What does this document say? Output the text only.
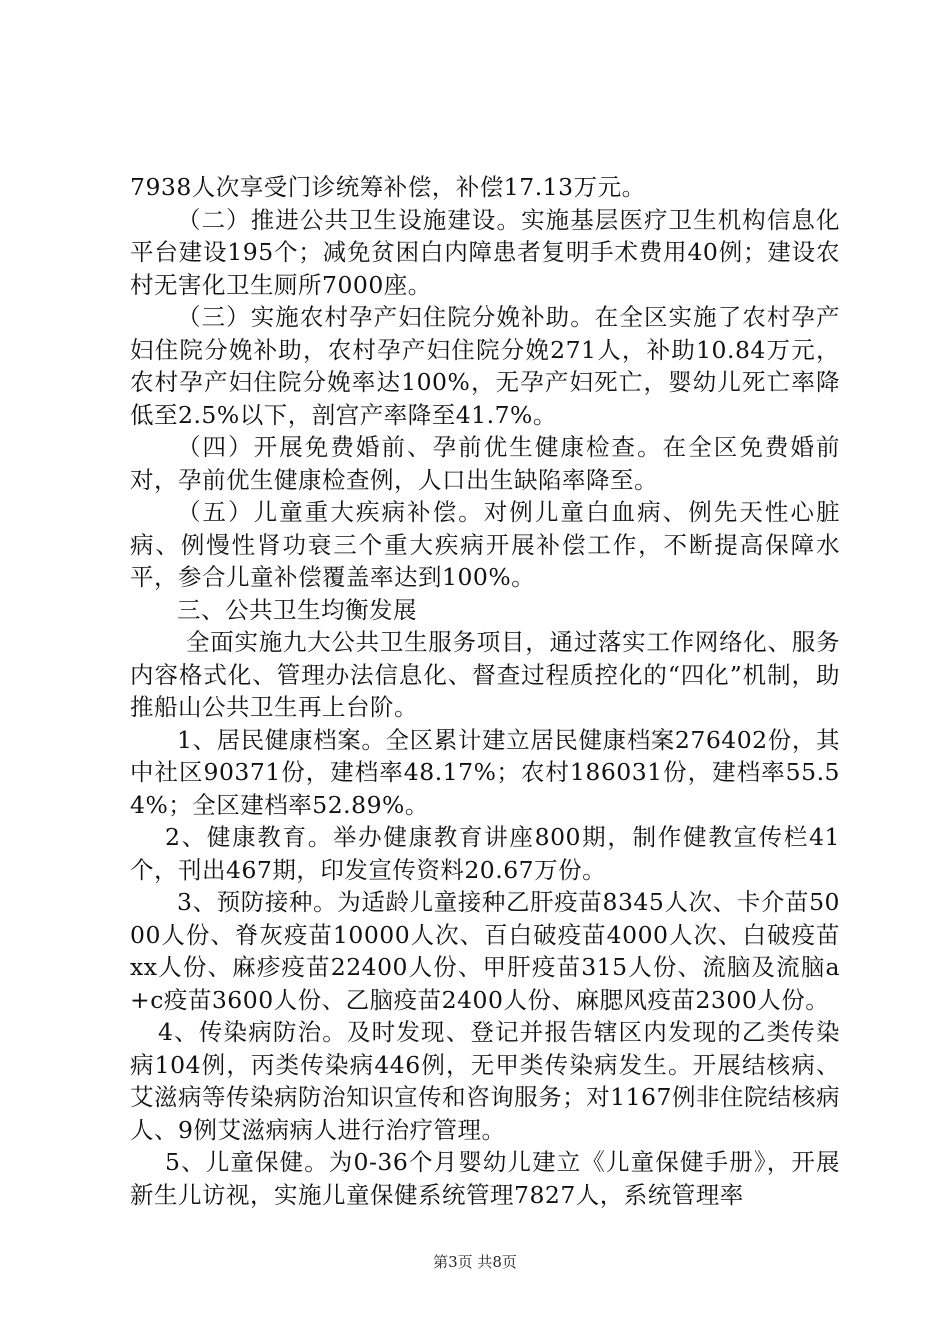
7938人次享受门诊统筹补偿，补偿17.13万元。

（二）推进公共卫生设施建设。实施基层医疗卫生机构信息化平台建设195个；减免贫困白内障患者复明手术费用40例；建设农村无害化卫生厕所7000座。

（三）实施农村孕产妇住院分娩补助。在全区实施了农村孕产妇住院分娩补助，农村孕产妇住院分娩271人，补助10.84万元，农村孕产妇住院分娩率达100%，无孕产妇死亡，婴幼儿死亡率降低至2.5%以下，剖宫产率降至41.7%。

（四）开展免费婚前、孕前优生健康检查。在全区免费婚前对，孕前优生健康检查例，人口出生缺陷率降至。

（五）儿童重大疾病补偿。对例儿童白血病、例先天性心脏病、例慢性肾功衰三个重大疾病开展补偿工作，不断提高保障水平，参合儿童补偿覆盖率达到100%。

三、公共卫生均衡发展

全面实施九大公共卫生服务项目，通过落实工作网络化、服务内容格式化、管理办法信息化、督查过程质控化的“四化”机制，助推船山公共卫生再上台阶。

1、居民健康档案。全区累计建立居民健康档案276402份，其中社区90371份，建档率48.17%；农村186031份，建档率55.54%；全区建档率52.89%。

2、健康教育。举办健康教育讲座800期，制作健教宣传栏41个，刊出467期，印发宣传资料20.67万份。

3、预防接种。为适龄儿童接种乙肝疫苗8345人次、卡介苗5000人份、脊灰疫苗10000人次、百白破疫苗4000人次、白破疫苗xx人份、麻疹疫苗22400人份、甲肝疫苗315人份、流脑及流脑a+c疫苗3600人份、乙脑疫苗2400人份、麻腮风疫苗2300人份。

4、传染病防治。及时发现、登记并报告辖区内发现的乙类传染病104例，丙类传染病446例，无甲类传染病发生。开展结核病、艾滋病等传染病防治知识宣传和咨询服务；对1167例非住院结核病人、9例艾滋病病人进行治疗管理。

5、儿童保健。为0-36个月婴幼儿建立《儿童保健手册》，开展新生儿访视，实施儿童保健系统管理7827人，系统管理率

第3页 共8页
